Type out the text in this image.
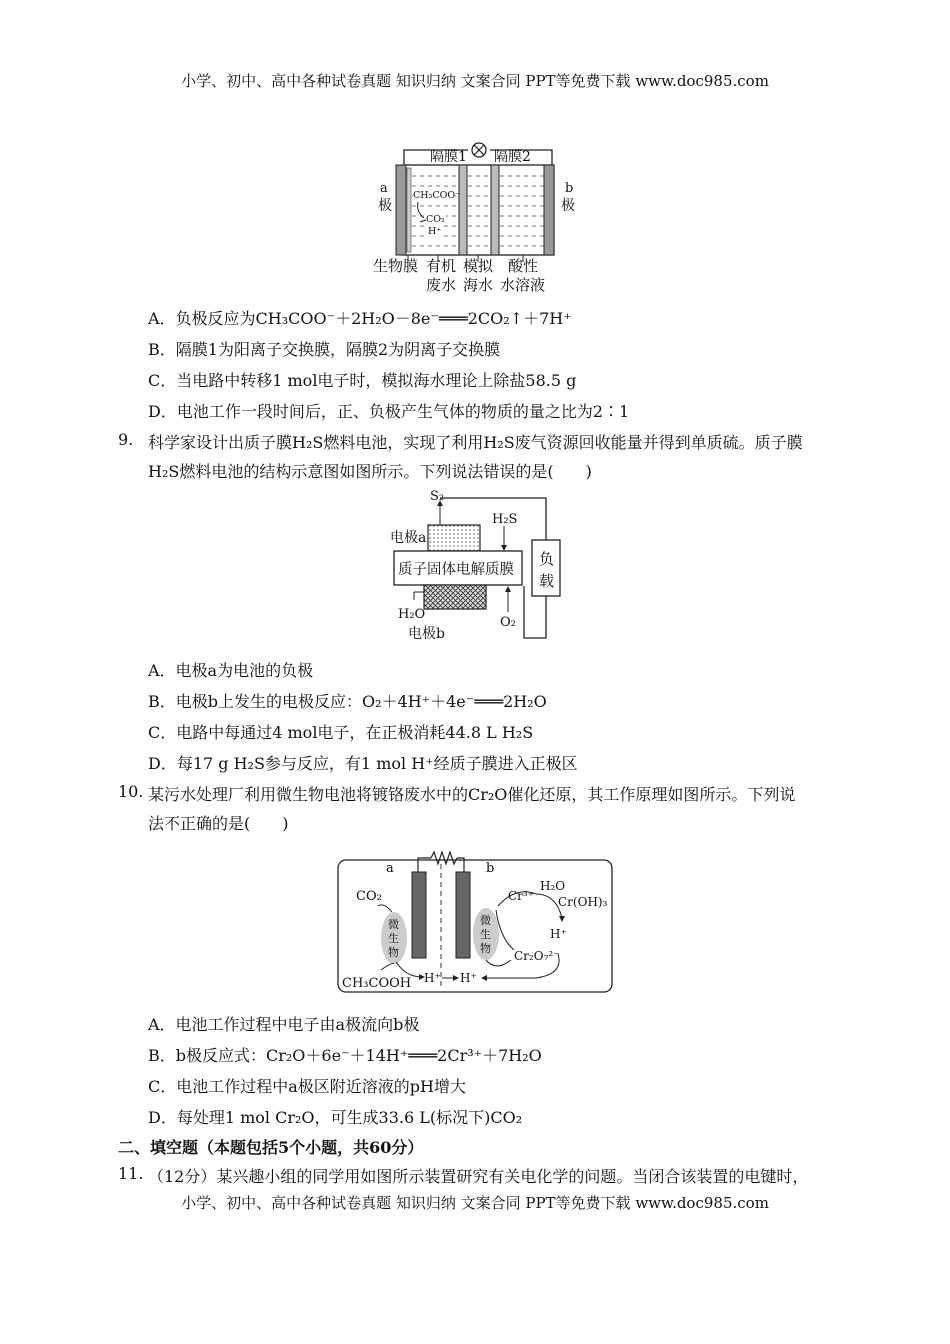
小学、初中、高中各种试卷真题 知识归纳 文案合同 PPT等免费下载 www.doc985.com
隔膜1 隔膜2
a
极
b
极
CH₃COO⁻
CO₂
H⁺
生物膜 有机
废水
模拟
海水
酸性
水溶液
A．负极反应为CH₃COO⁻＋2H₂O－8e⁻═══2CO₂↑＋7H⁺
B．隔膜1为阳离子交换膜，隔膜2为阴离子交换膜
C．当电路中转移1 mol电子时，模拟海水理论上除盐58.5 g
D．电池工作一段时间后，正、负极产生气体的物质的量之比为2∶1
9. 科学家设计出质子膜H₂S燃料电池，实现了利用H₂S废气资源回收能量并得到单质硫。质子膜
H₂S燃料电池的结构示意图如图所示。下列说法错误的是(　　)
S₂
H₂S
电极a
质子固体电解质膜
负
载
H₂O
O₂
电极b
A．电极a为电池的负极
B．电极b上发生的电极反应：O₂＋4H⁺＋4e⁻═══2H₂O
C．电路中每通过4 mol电子，在正极消耗44.8 L H₂S
D．每17 g H₂S参与反应，有1 mol H⁺经质子膜进入正极区
10. 某污水处理厂利用微生物电池将镀铬废水中的Cr₂O催化还原，其工作原理如图所示。下列说
法不正确的是(　　)
a	b
CO₂
微
生
物
微
生
物
CH₃COOH H⁺ H⁺
Cr³⁺
H₂O
Cr(OH)₃
H⁺
Cr₂O₇²⁻
A．电池工作过程中电子由a极流向b极
B．b极反应式：Cr₂O＋6e⁻＋14H⁺═══2Cr³⁺＋7H₂O
C．电池工作过程中a极区附近溶液的pH增大
D．每处理1 mol Cr₂O，可生成33.6 L(标况下)CO₂
二、填空题（本题包括5个小题，共60分）
11. （12分）某兴趣小组的同学用如图所示装置研究有关电化学的问题。当闭合该装置的电键时，
小学、初中、高中各种试卷真题 知识归纳 文案合同 PPT等免费下载 www.doc985.com
